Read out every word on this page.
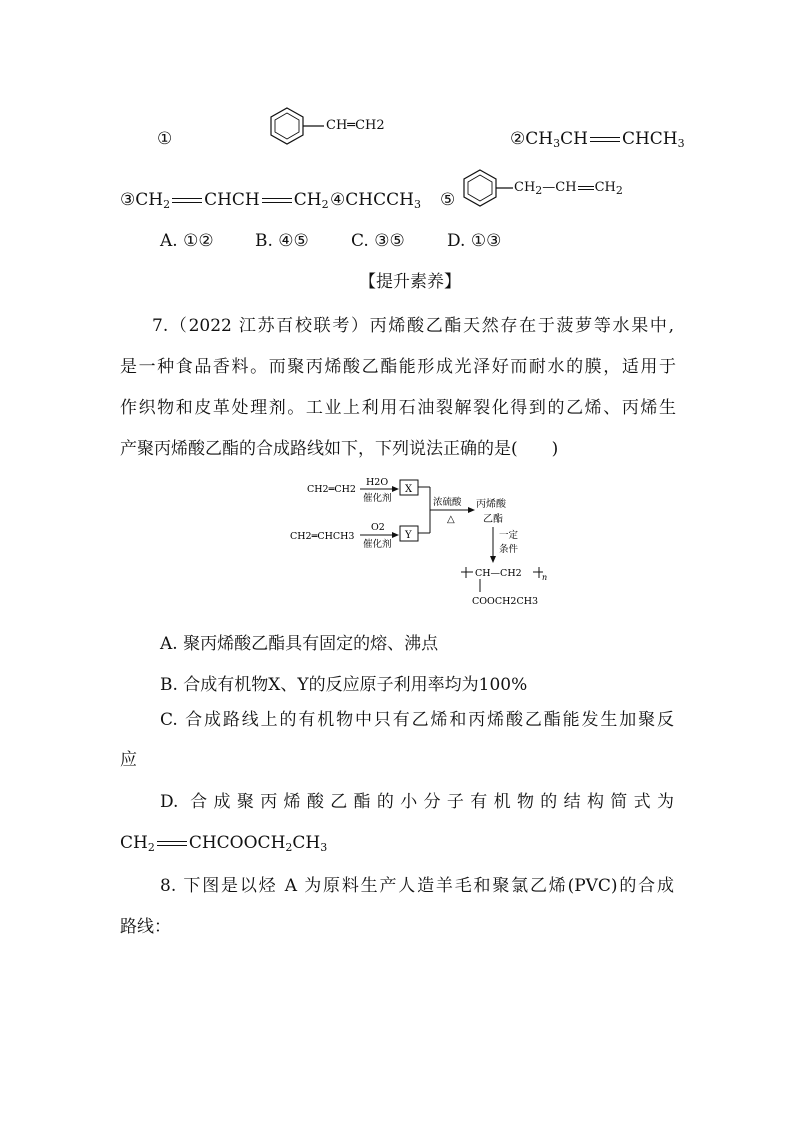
①
CH═CH2
$②CH_3CH$ $CHCH_3$
$③CH_2$ CHCH $CH_2$ $④CHCCH_3$ ⑤
$CH_2—CH$ $CH_2$
A. ①② B. ④⑤ C. ③⑤ D. ①③
【提升素养】
7.（2022 江苏百校联考）丙烯酸乙酯天然存在于菠萝等水果中,
是一种食品香料。而聚丙烯酸乙酯能形成光泽好而耐水的膜，适用于
作织物和皮革处理剂。工业上利用石油裂解裂化得到的乙烯、丙烯生
产聚丙烯酸乙酯的合成路线如下，下列说法正确的是(　　)
CH2═CH2
H2O
催化剂
X
CH2═CHCH3
O2
催化剂
Y
浓硫酸
△
丙烯酸
乙酯
一定
条件
CH—CH2	n
COOCH2CH3
A. 聚丙烯酸乙酯具有固定的熔、沸点
B. 合成有机物X、Y的反应原子利用率均为100%
C. 合成路线上的有机物中只有乙烯和丙烯酸乙酯能发生加聚反
应
D. 合成聚丙烯酸乙酯的小分子有机物的结构简式为
$CH_2$ $CHCOOCH_2CH_3$
8. 下图是以烃 A 为原料生产人造羊毛和聚氯乙烯(PVC)的合成
路线：
